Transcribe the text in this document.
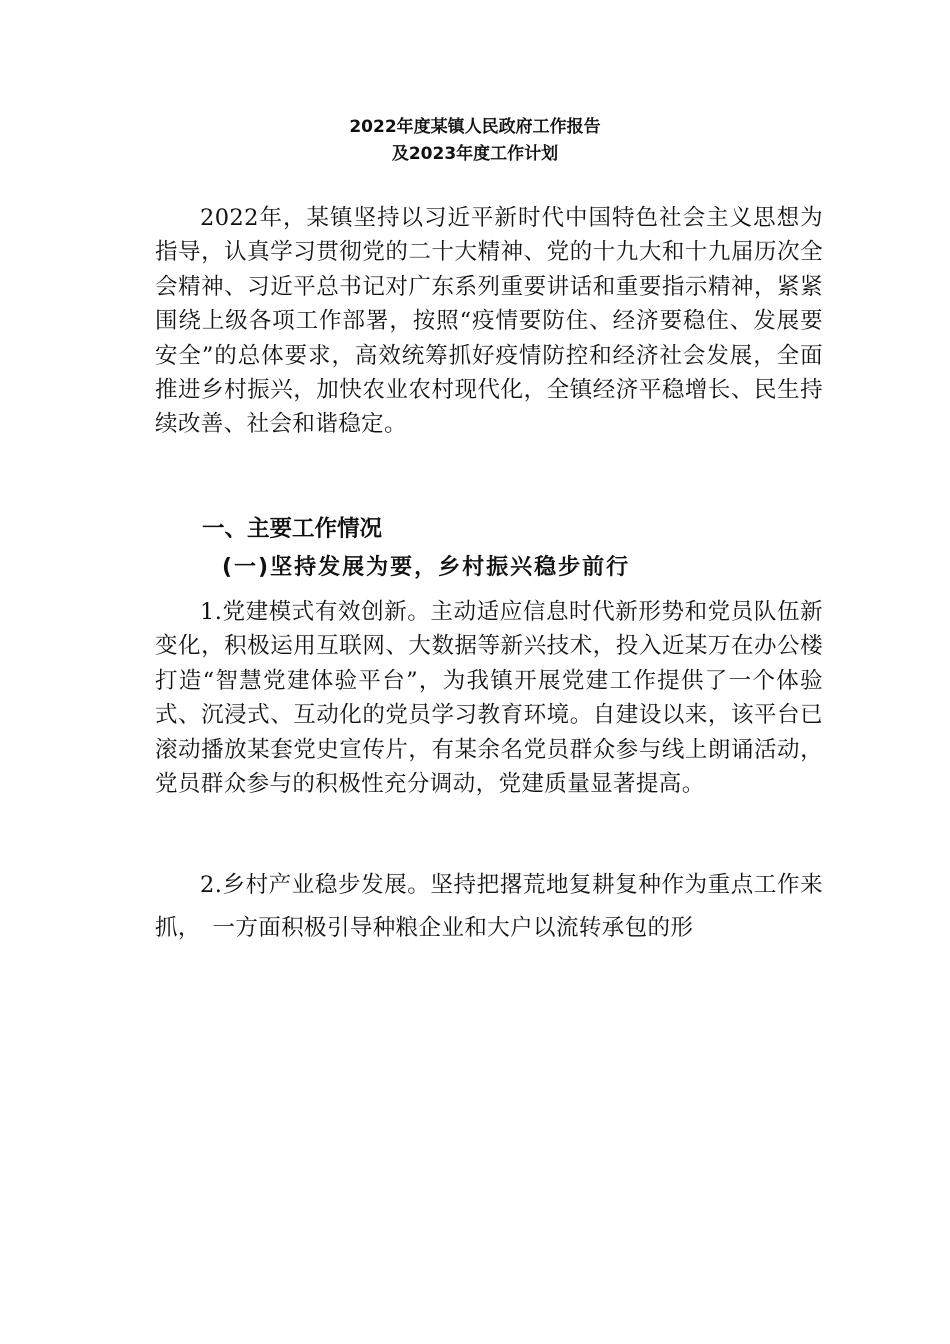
2022年度某镇人民政府工作报告
及2023年度工作计划
2022年，某镇坚持以习近平新时代中国特色社会主义思想为指导，认真学习贯彻党的二十大精神、党的十九大和十九届历次全会精神、习近平总书记对广东系列重要讲话和重要指示精神，紧紧围绕上级各项工作部署，按照“疫情要防住、经济要稳住、发展要安全”的总体要求，高效统筹抓好疫情防控和经济社会发展，全面推进乡村振兴，加快农业农村现代化，全镇经济平稳增长、民生持续改善、社会和谐稳定。
一、主要工作情况
(一)坚持发展为要，乡村振兴稳步前行
1.党建模式有效创新。主动适应信息时代新形势和党员队伍新变化，积极运用互联网、大数据等新兴技术，投入近某万在办公楼打造“智慧党建体验平台”，为我镇开展党建工作提供了一个体验式、沉浸式、互动化的党员学习教育环境。自建设以来，该平台已滚动播放某套党史宣传片，有某余名党员群众参与线上朗诵活动，党员群众参与的积极性充分调动，党建质量显著提高。
2.乡村产业稳步发展。坚持把撂荒地复耕复种作为重点工作来抓，　一方面积极引导种粮企业和大户以流转承包的形
